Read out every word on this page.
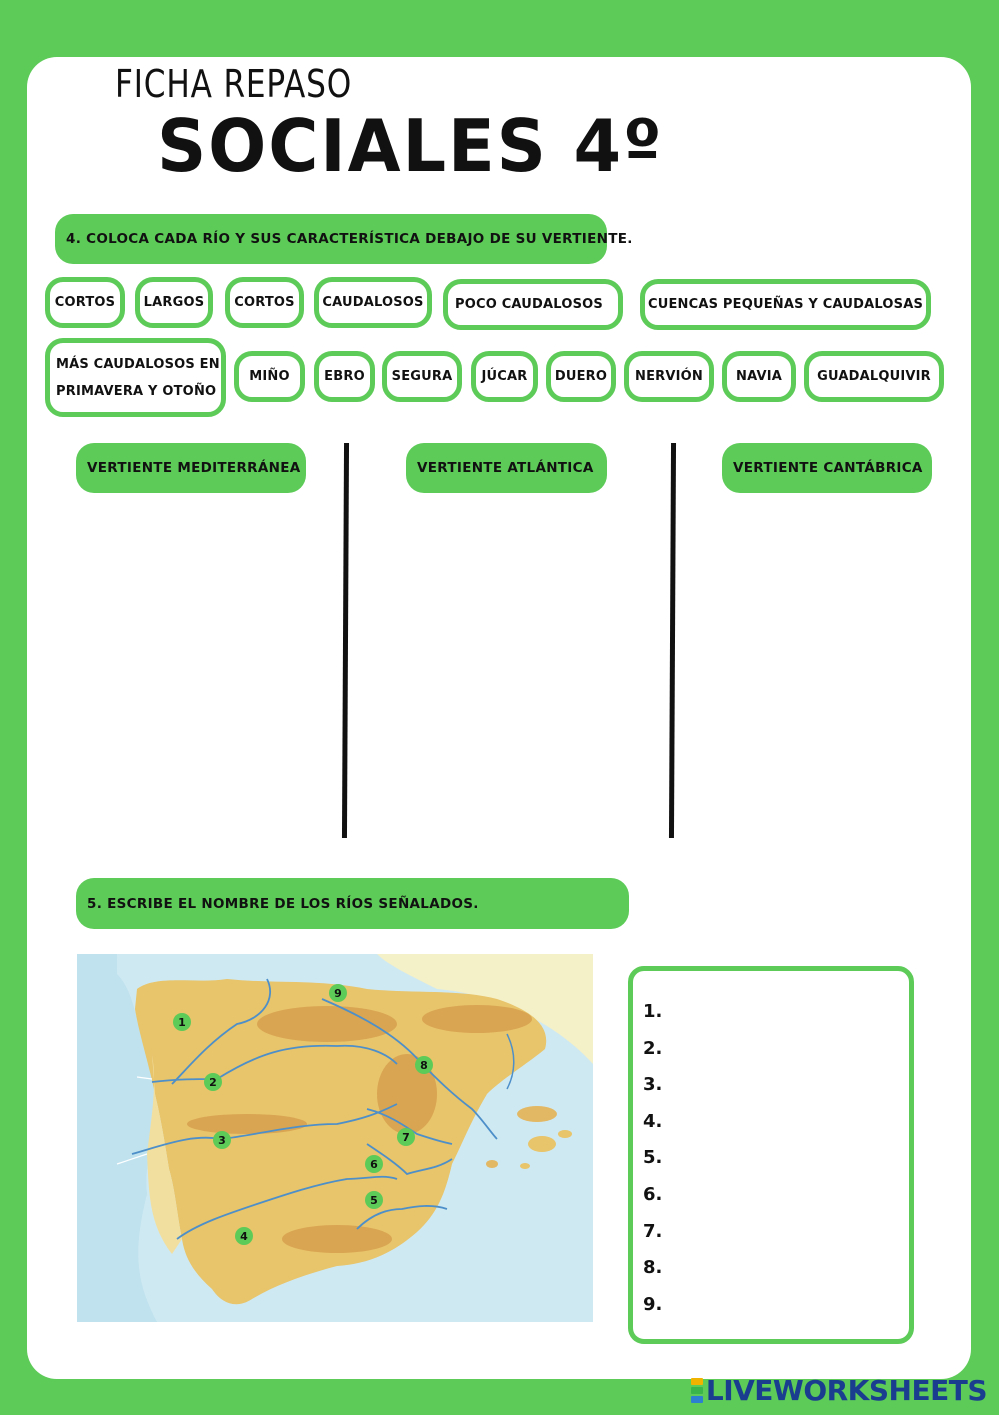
FICHA REPASO
SOCIALES 4º
4. COLOCA CADA RÍO Y SUS CARACTERÍSTICA DEBAJO DE SU VERTIENTE.
CORTOS	LARGOS	CORTOS	CAUDALOSOS	POCO CAUDALOSOS	CUENCAS PEQUEÑAS Y CAUDALOSAS
MÁS CAUDALOSOS EN PRIMAVERA Y OTOÑO
MIÑO	EBRO	SEGURA	JÚCAR	DUERO	NERVIÓN	NAVIA	GUADALQUIVIR
VERTIENTE MEDITERRÁNEA	VERTIENTE ATLÁNTICA	VERTIENTE CANTÁBRICA
5. ESCRIBE EL NOMBRE DE LOS RÍOS SEÑALADOS.
1
2
3
4
5
6
7
8
9
1.
2.
3.
4.
5.
6.
7.
8.
9.
LIVEWORKSHEETS
